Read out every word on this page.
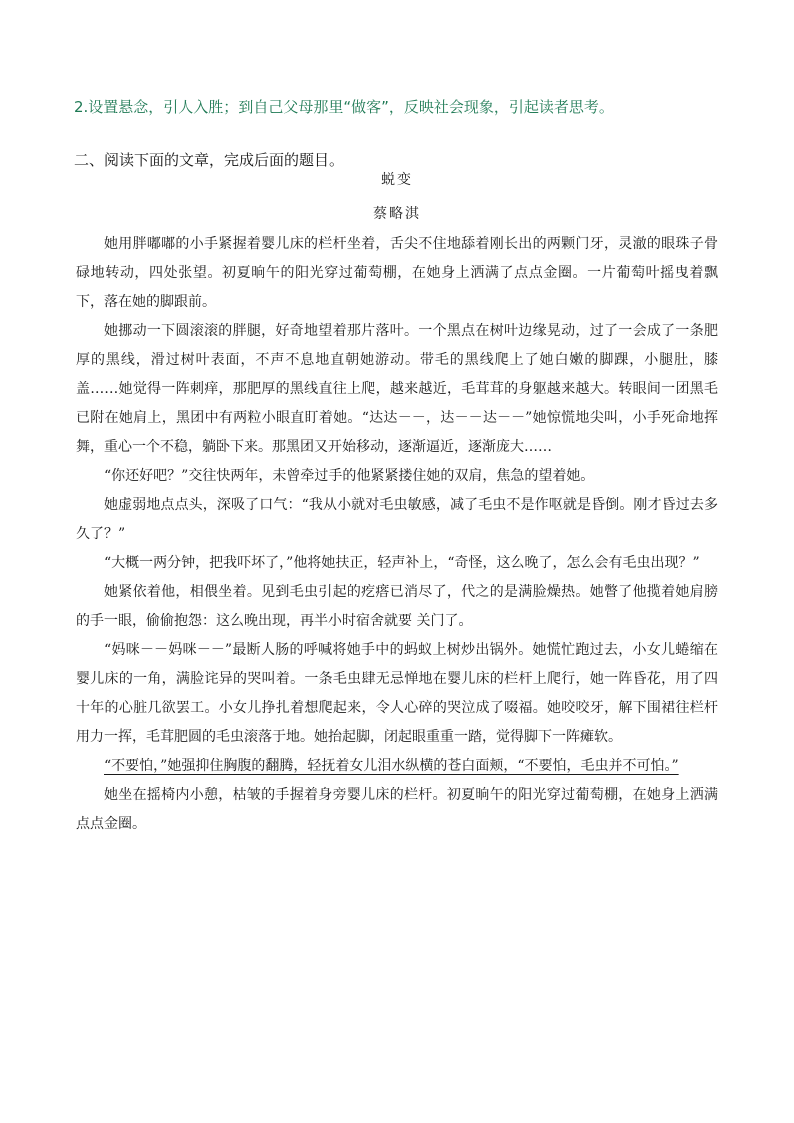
2.设置悬念，引人入胜；到自己父母那里“做客”，反映社会现象，引起读者思考。
二、阅读下面的文章，完成后面的题目。
蜕变
蔡略淇

她用胖嘟嘟的小手紧握着婴儿床的栏杆坐着，舌尖不住地舔着刚长出的两颗门牙，灵澈的眼珠子骨碌地转动，四处张望。初夏晌午的阳光穿过葡萄棚，在她身上洒满了点点金圈。一片葡萄叶摇曳着飘下，落在她的脚跟前。

她挪动一下圆滚滚的胖腿，好奇地望着那片落叶。一个黑点在树叶边缘晃动，过了一会成了一条肥厚的黑线，滑过树叶表面，不声不息地直朝她游动。带毛的黑线爬上了她白嫩的脚踝，小腿肚，膝盖……她觉得一阵刺痒，那肥厚的黑线直往上爬，越来越近，毛茸茸的身躯越来越大。转眼间一团黑毛已附在她肩上，黑团中有两粒小眼直盯着她。“达达－－，达－－达－－”她惊慌地尖叫，小手死命地挥舞，重心一个不稳，躺卧下来。那黑团又开始移动，逐渐逼近，逐渐庞大……

“你还好吧？”交往快两年，未曾牵过手的他紧紧搂住她的双肩，焦急的望着她。

她虚弱地点点头，深吸了口气：“我从小就对毛虫敏感，减了毛虫不是作呕就是昏倒。刚才昏过去多久了？”

“大概一两分钟，把我吓坏了，”他将她扶正，轻声补上，“奇怪，这么晚了，怎么会有毛虫出现？”

她紧依着他，相偎坐着。见到毛虫引起的疙瘩已消尽了，代之的是满脸燥热。她瞥了他揽着她肩膀的手一眼，偷偷抱怨：这么晚出现，再半小时宿舍就要 关门了。

“妈咪－－妈咪－－”最断人肠的呼喊将她手中的蚂蚁上树炒出锅外。她慌忙跑过去，小女儿蜷缩在婴儿床的一角，满脸诧异的哭叫着。一条毛虫肆无忌惮地在婴儿床的栏杆上爬行，她一阵昏花，用了四十年的心脏几欲罢工。小女儿挣扎着想爬起来，令人心碎的哭泣成了啜福。她咬咬牙，解下围裙往栏杆用力一挥，毛茸肥圆的毛虫滚落于地。她抬起脚，闭起眼重重一踏，觉得脚下一阵瘫软。

“不要怕，”她强抑住胸腹的翻腾，轻抚着女儿泪水纵横的苍白面颊，“不要怕，毛虫并不可怕。”

她坐在摇椅内小憩，枯皱的手握着身旁婴儿床的栏杆。初夏晌午的阳光穿过葡萄棚，在她身上洒满点点金圈。
